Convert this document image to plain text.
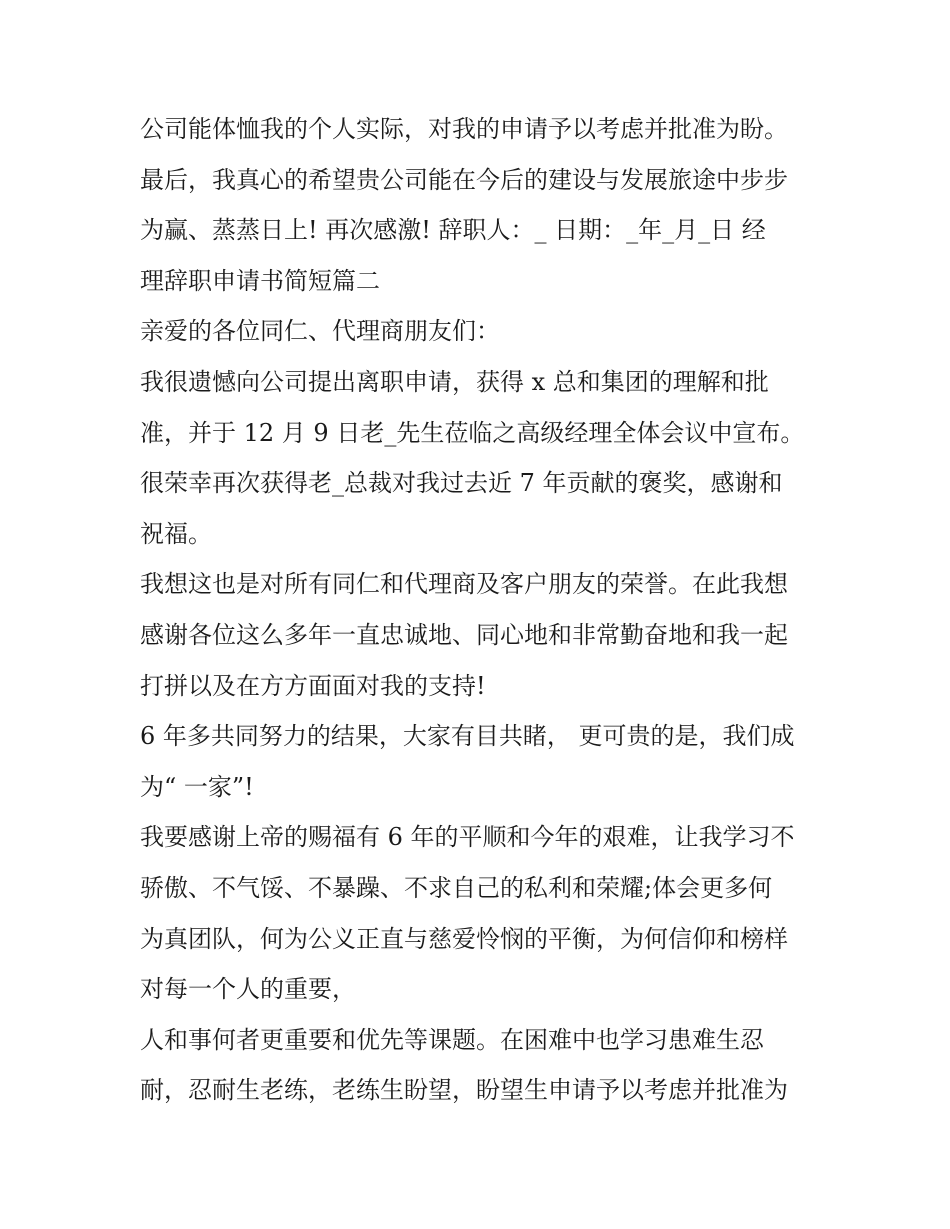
公司能体恤我的个人实际，对我的申请予以考虑并批准为盼。
最后，我真心的希望贵公司能在今后的建设与发展旅途中步步
为赢、蒸蒸日上! 再次感激! 辞职人：_ 日期：_年_月_日 经
理辞职申请书简短篇二
亲爱的各位同仁、代理商朋友们：
我很遗憾向公司提出离职申请，获得 x 总和集团的理解和批
准，并于 12 月 9 日老_先生莅临之高级经理全体会议中宣布。
很荣幸再次获得老_总裁对我过去近 7 年贡献的褒奖，感谢和
祝福。
我想这也是对所有同仁和代理商及客户朋友的荣誉。在此我想
感谢各位这么多年一直忠诚地、同心地和非常勤奋地和我一起
打拼以及在方方面面对我的支持!
6 年多共同努力的结果，大家有目共睹， 更可贵的是，我们成
为“ 一家”!
我要感谢上帝的赐福有 6 年的平顺和今年的艰难，让我学习不
骄傲、不气馁、不暴躁、不求自己的私利和荣耀;体会更多何
为真团队，何为公义正直与慈爱怜悯的平衡，为何信仰和榜样
对每一个人的重要，
人和事何者更重要和优先等课题。在困难中也学习患难生忍
耐，忍耐生老练，老练生盼望，盼望生申请予以考虑并批准为
